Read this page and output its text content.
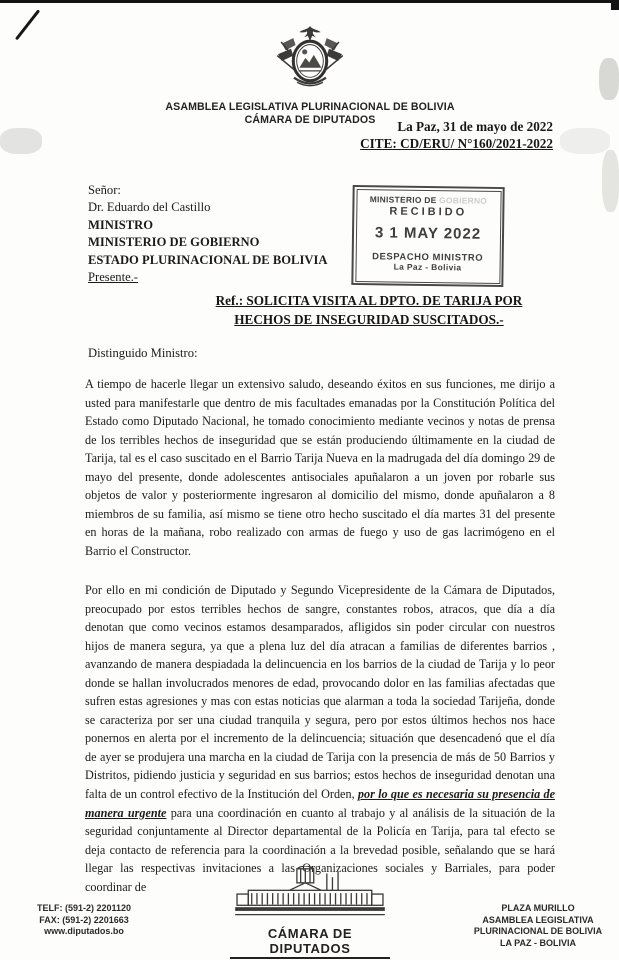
ASAMBLEA LEGISLATIVA PLURINACIONAL DE BOLIVIA
CÁMARA DE DIPUTADOS	La Paz, 31 de mayo de 2022
CITE: CD/ERU/ N°160/2021-2022
Señor:
Dr. Eduardo del Castillo
MINISTRO
MINISTERIO DE GOBIERNO
ESTADO PLURINACIONAL DE BOLIVIA
Presente.-
MINISTERIO DE GOBIERNO
RECIBIDO
3 1 MAY 2022
DESPACHO MINISTRO
La Paz - Bolivia
Ref.: SOLICITA VISITA AL DPTO. DE TARIJA POR
HECHOS DE INSEGURIDAD SUSCITADOS.-
Distinguido Ministro:
A tiempo de hacerle llegar un extensivo saludo, deseando éxitos en sus funciones, me dirijo a usted para manifestarle que dentro de mis facultades emanadas por la Constitución Política del Estado como Diputado Nacional, he tomado conocimiento mediante vecinos y notas de prensa de los terribles hechos de inseguridad que se están produciendo últimamente en la ciudad de Tarija, tal es el caso suscitado en el Barrio Tarija Nueva en la madrugada del día domingo 29 de mayo del presente, donde adolescentes antisociales apuñalaron a un joven por robarle sus objetos de valor y posteriormente ingresaron al domicilio del mismo, donde apuñalaron a 8 miembros de su familia, así mismo se tiene otro hecho suscitado el día martes 31 del presente en horas de la mañana, robo realizado con armas de fuego y uso de gas lacrimógeno en el Barrio el Constructor.
Por ello en mi condición de Diputado y Segundo Vicepresidente de la Cámara de Diputados, preocupado por estos terribles hechos de sangre, constantes robos, atracos, que día a día denotan que como vecinos estamos desamparados, afligidos sin poder circular con nuestros hijos de manera segura, ya que a plena luz del día atracan a familias de diferentes barrios , avanzando de manera despiadada la delincuencia en los barrios de la ciudad de Tarija y lo peor donde se hallan involucrados menores de edad, provocando dolor en las familias afectadas que sufren estas agresiones y mas con estas noticias que alarman a toda la sociedad Tarijeña, donde se caracteriza por ser una ciudad tranquila y segura, pero por estos últimos hechos nos hace ponernos en alerta por el incremento de la delincuencia; situación que desencadenó que el día de ayer se produjera una marcha en la ciudad de Tarija con la presencia de más de 50 Barrios y Distritos, pidiendo justicia y seguridad en sus barrios; estos hechos de inseguridad denotan una falta de un control efectivo de la Institución del Orden, por lo que es necesaria su presencia de manera urgente para una coordinación en cuanto al trabajo y al análisis de la situación de la seguridad conjuntamente al Director departamental de la Policía en Tarija, para tal efecto se deja contacto de referencia para la coordinación a la brevedad posible, señalando que se hará llegar las respectivas invitaciones a las Organizaciones sociales y Barriales, para poder coordinar de
TELF: (591-2) 2201120
FAX: (591-2) 2201663
www.diputados.bo	CÁMARA DE DIPUTADOS
PLAZA MURILLO
ASAMBLEA LEGISLATIVA
PLURINACIONAL DE BOLIVIA
LA PAZ - BOLIVIA
